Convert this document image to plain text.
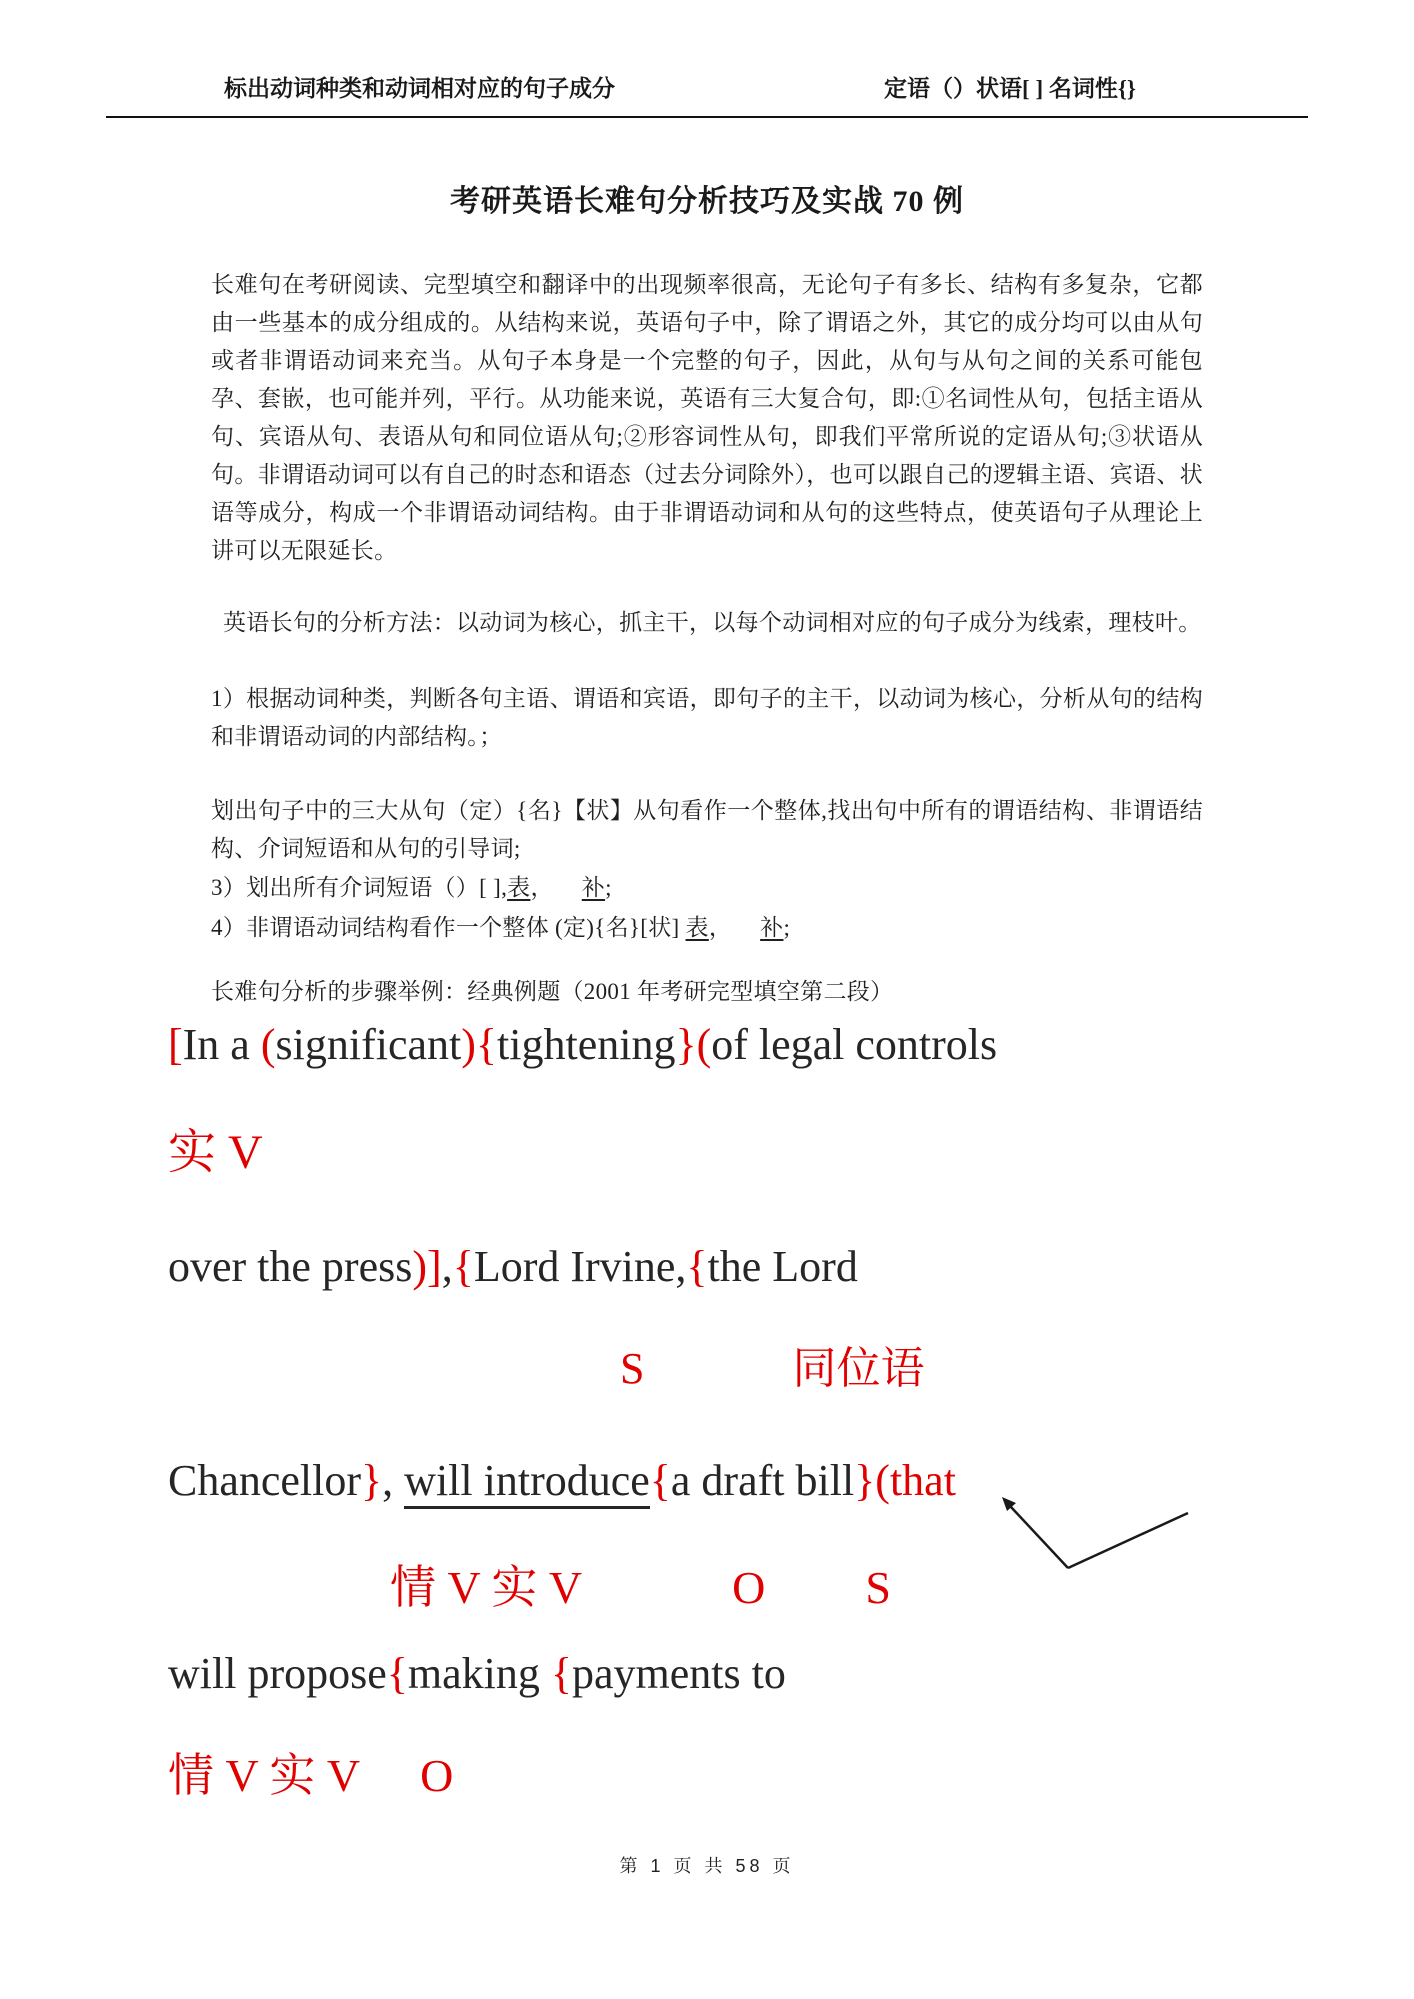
标出动词种类和动词相对应的句子成分	定语（）状语[ ] 名词性{}
考研英语长难句分析技巧及实战 70 例
长难句在考研阅读、完型填空和翻译中的出现频率很高，无论句子有多长、结构有多复杂，它都由一些基本的成分组成的。从结构来说，英语句子中，除了谓语之外，其它的成分均可以由从句或者非谓语动词来充当。从句子本身是一个完整的句子，因此，从句与从句之间的关系可能包孕、套嵌，也可能并列，平行。从功能来说，英语有三大复合句，即:①名词性从句，包括主语从句、宾语从句、表语从句和同位语从句;②形容词性从句，即我们平常所说的定语从句;③状语从句。非谓语动词可以有自己的时态和语态（过去分词除外），也可以跟自己的逻辑主语、宾语、状语等成分，构成一个非谓语动词结构。由于非谓语动词和从句的这些特点，使英语句子从理论上讲可以无限延长。
英语长句的分析方法：以动词为核心，抓主干，以每个动词相对应的句子成分为线索，理枝叶。
1）根据动词种类，判断各句主语、谓语和宾语，即句子的主干，以动词为核心，分析从句的结构和非谓语动词的内部结构。；
划出句子中的三大从句（定）{名}【状】从句看作一个整体,找出句中所有的谓语结构、非谓语结构、介词短语和从句的引导词;
3）划出所有介词短语（）[ ],表， 补;
4）非谓语动词结构看作一个整体 (定){名}[状] 表， 补;
长难句分析的步骤举例：经典例题（2001 年考研完型填空第二段）
[In a (significant){tightening}(of legal controls
实 V
over the press)],{Lord Irvine,{the Lord
S	同位语
Chancellor}, will introduce{a draft bill}(that
情 V 实 V	O S
will propose{making {payments to
情 V 实 V O
第 1 页 共 58 页
